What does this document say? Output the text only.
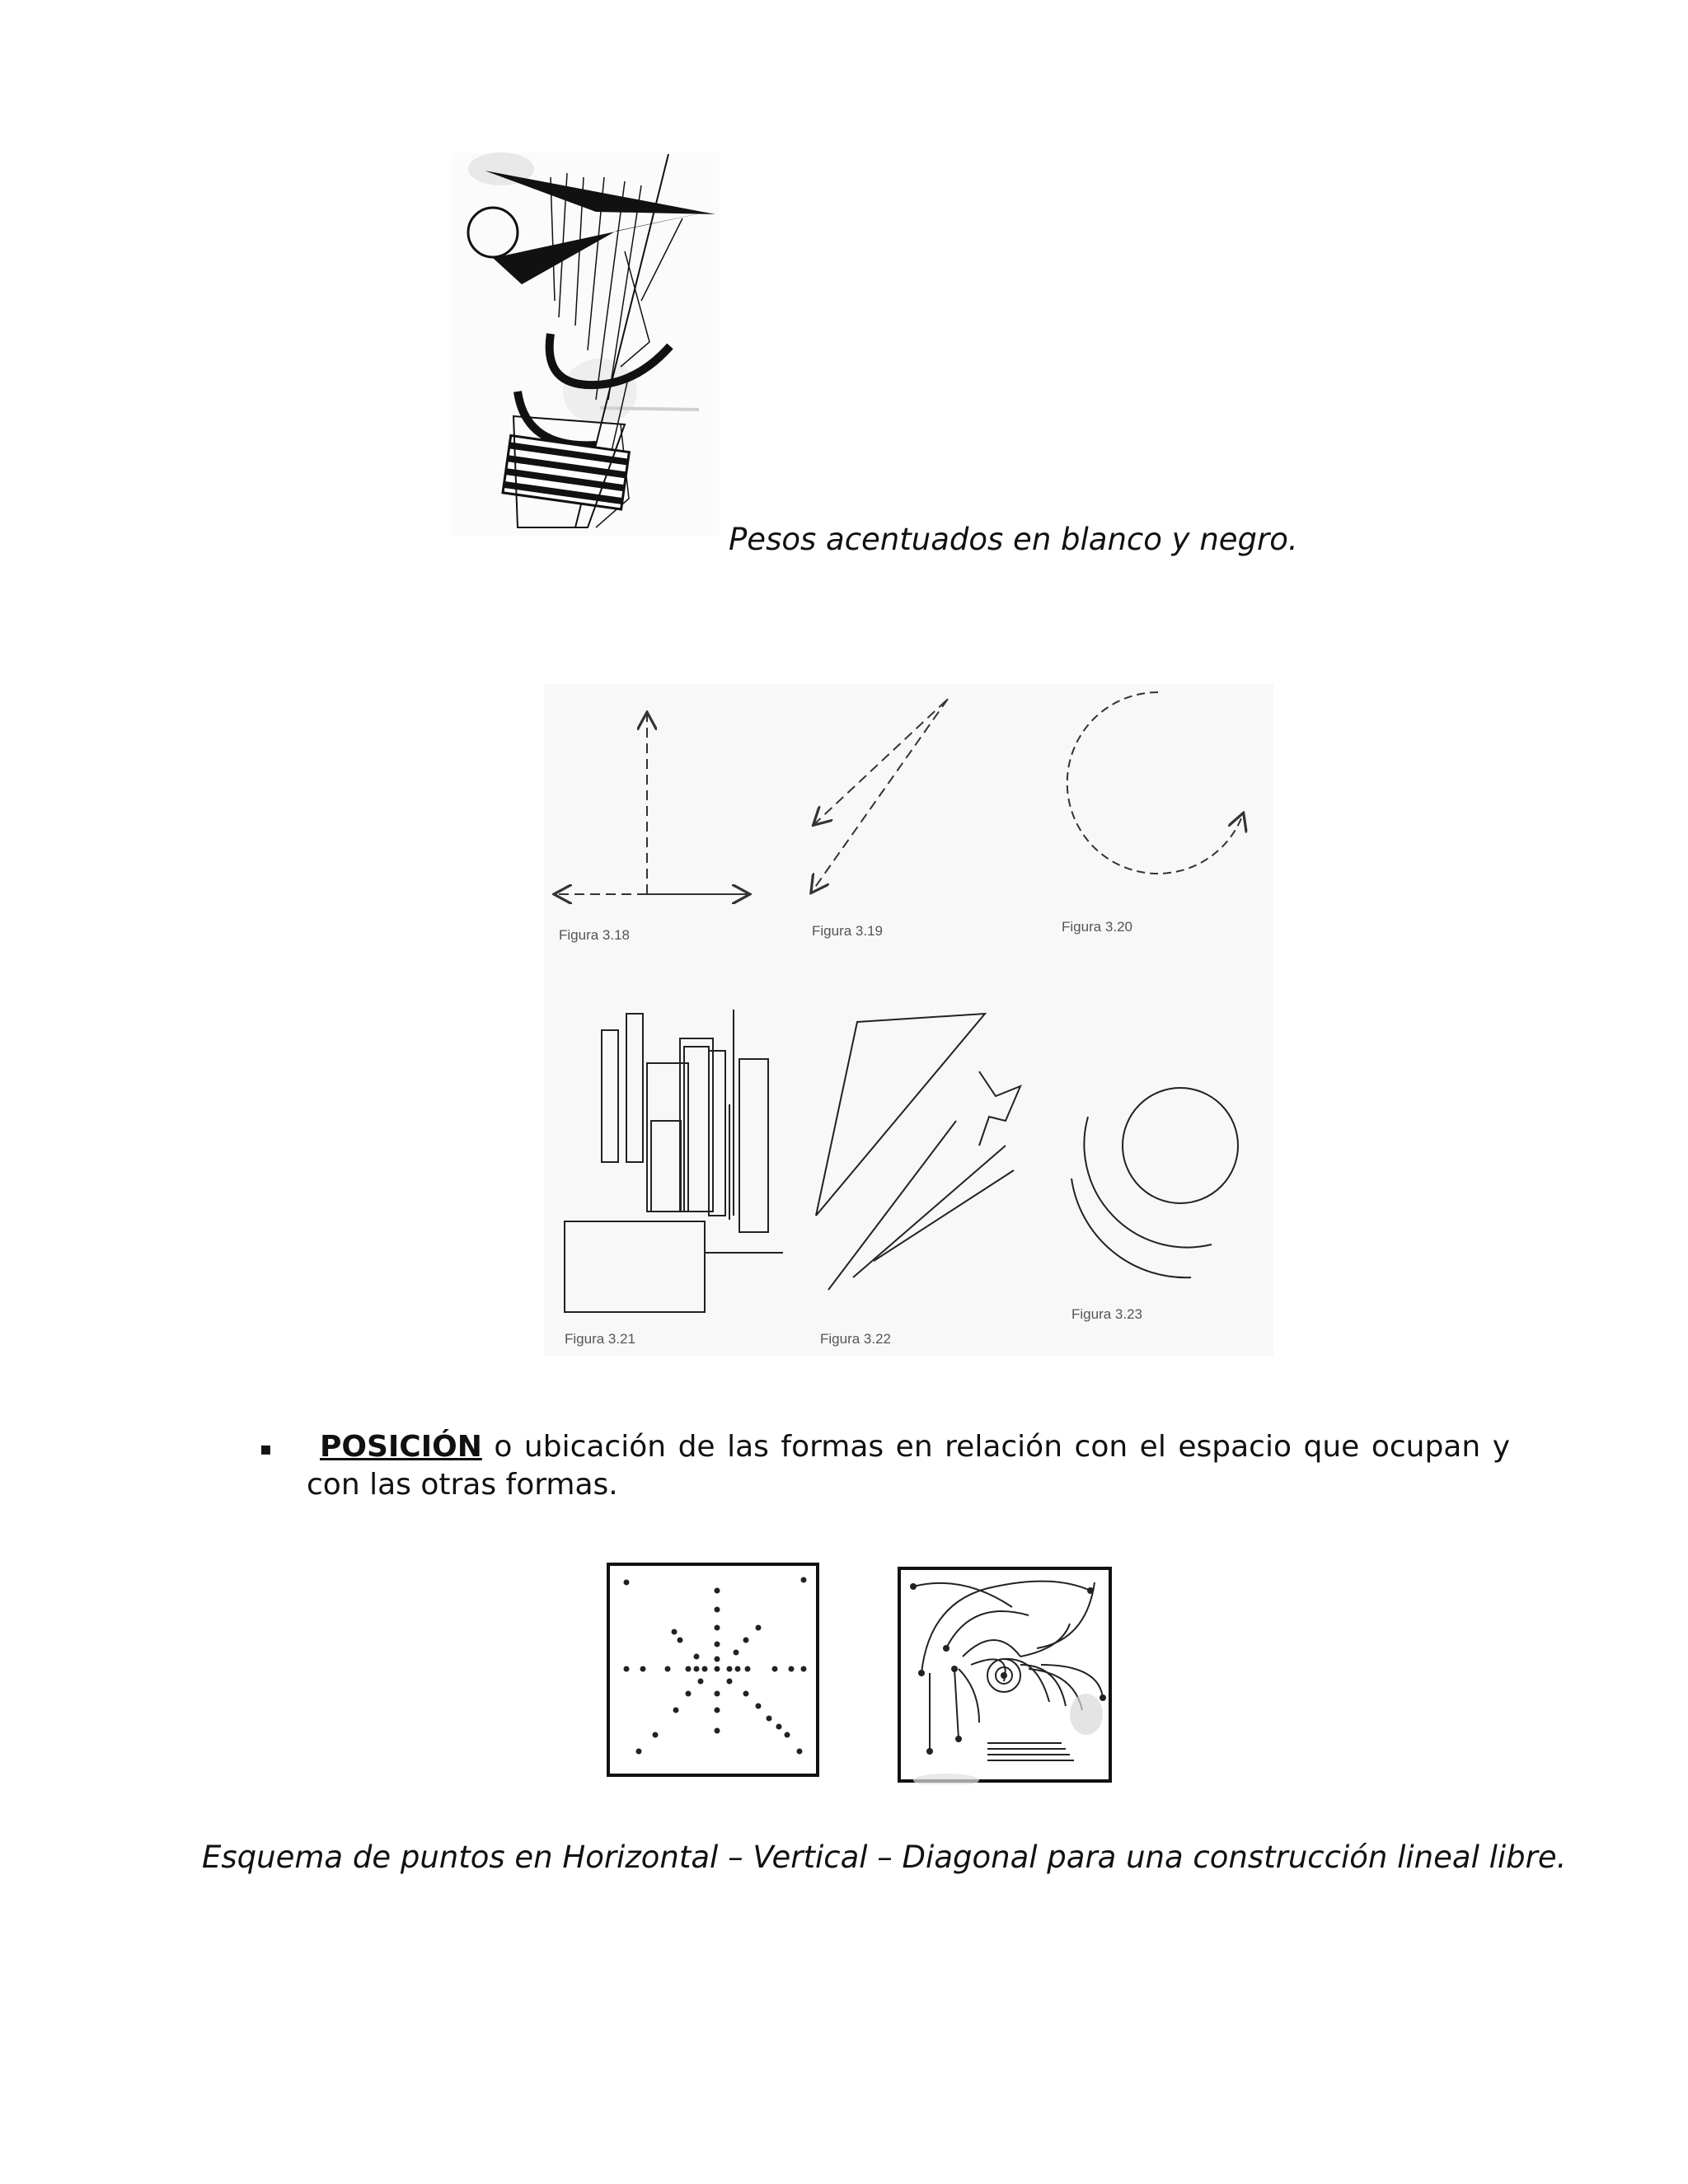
Pesos acentuados en blanco y negro.
Figura 3.18	Figura 3.19	Figura 3.20
Figura 3.21	Figura 3.22
Figura 3.23
▪	POSICIÓN o ubicación de las formas en relación con el espacio que ocupan y con las otras formas.
Esquema de puntos en Horizontal – Vertical – Diagonal para una construcción lineal libre.
